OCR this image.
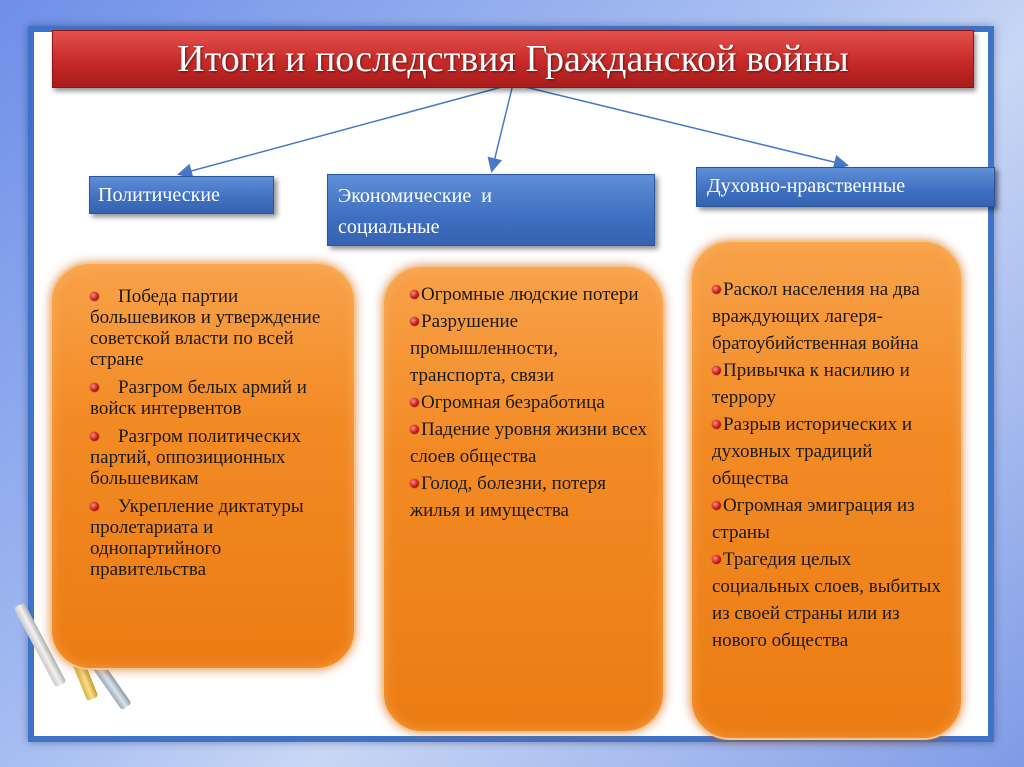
Итоги и последствия Гражданской войны
Политические	Экономические  и
социальные
Духовно-нравственные
Победа партии большевиков и утверждение советской власти по всей стране
Разгром белых армий и войск интервентов
Разгром политических партий, оппозиционных большевикам
Укрепление диктатуры пролетариата и однопартийного правительства
Огромные людские потери
Разрушение промышленности, транспорта, связи
Огромная безработица
Падение уровня жизни всех слоев общества
Голод, болезни, потеря жилья и имущества
Раскол населения на два враждующих лагеря-братоубийственная война
Привычка к насилию и террору
Разрыв исторических и духовных традиций общества
Огромная эмиграция из страны
Трагедия целых социальных слоев, выбитых из своей страны или из нового общества
